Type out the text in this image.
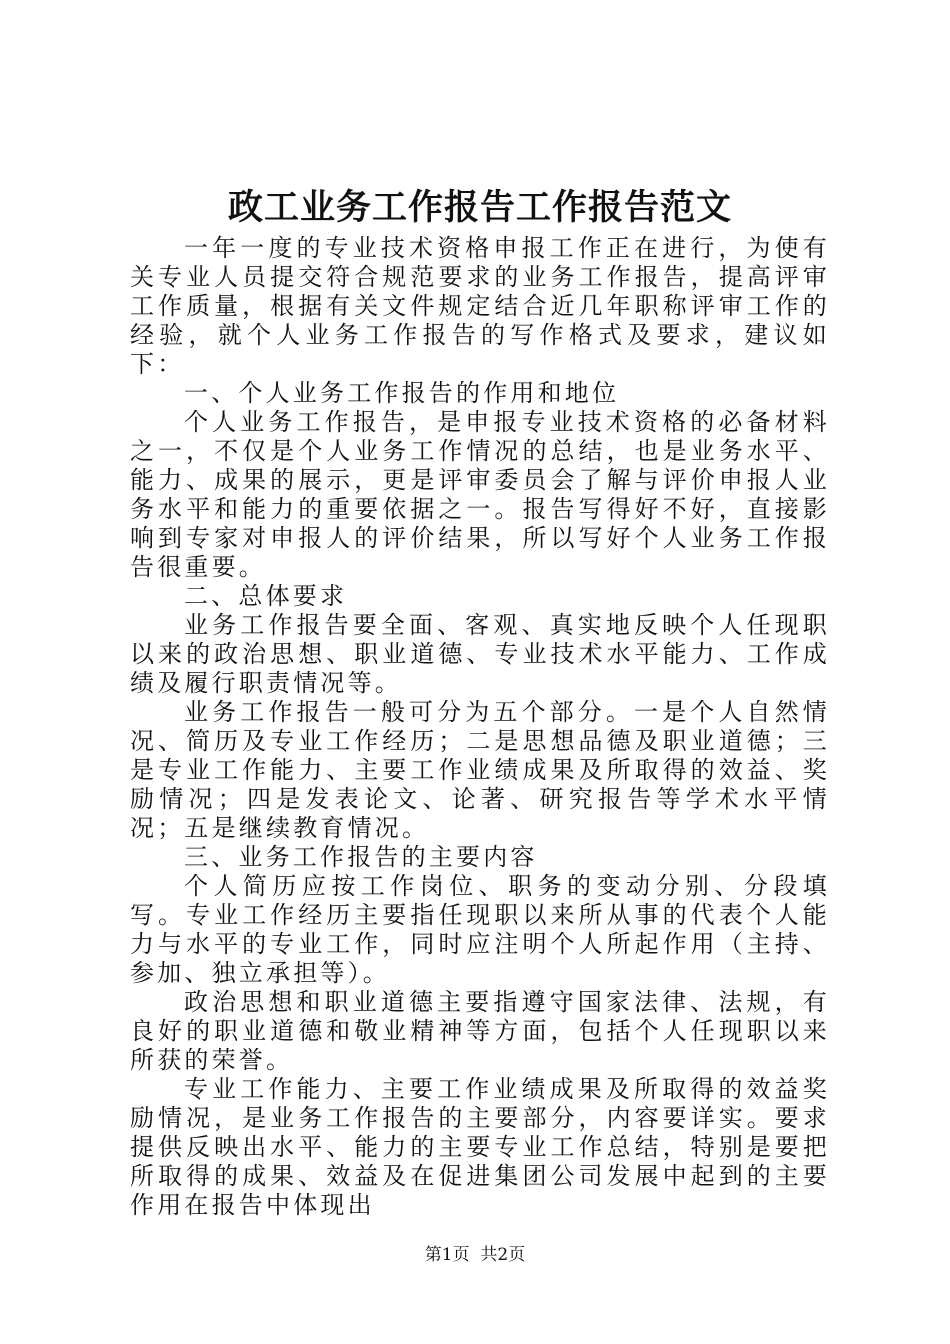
政工业务工作报告工作报告范文

一年一度的专业技术资格申报工作正在进行，为使有关专业人员提交符合规范要求的业务工作报告，提高评审工作质量，根据有关文件规定结合近几年职称评审工作的经验，就个人业务工作报告的写作格式及要求，建议如下：

一、个人业务工作报告的作用和地位

个人业务工作报告，是申报专业技术资格的必备材料之一，不仅是个人业务工作情况的总结，也是业务水平、能力、成果的展示，更是评审委员会了解与评价申报人业务水平和能力的重要依据之一。报告写得好不好，直接影响到专家对申报人的评价结果，所以写好个人业务工作报告很重要。

二、总体要求

业务工作报告要全面、客观、真实地反映个人任现职以来的政治思想、职业道德、专业技术水平能力、工作成绩及履行职责情况等。

业务工作报告一般可分为五个部分。一是个人自然情况、简历及专业工作经历；二是思想品德及职业道德；三是专业工作能力、主要工作业绩成果及所取得的效益、奖励情况；四是发表论文、论著、研究报告等学术水平情况；五是继续教育情况。

三、业务工作报告的主要内容

个人简历应按工作岗位、职务的变动分别、分段填写。专业工作经历主要指任现职以来所从事的代表个人能力与水平的专业工作，同时应注明个人所起作用（主持、参加、独立承担等）。

政治思想和职业道德主要指遵守国家法律、法规，有良好的职业道德和敬业精神等方面，包括个人任现职以来所获的荣誉。

专业工作能力、主要工作业绩成果及所取得的效益奖励情况，是业务工作报告的主要部分，内容要详实。要求提供反映出水平、能力的主要专业工作总结，特别是要把所取得的成果、效益及在促进集团公司发展中起到的主要作用在报告中体现出

第1页 共2页
